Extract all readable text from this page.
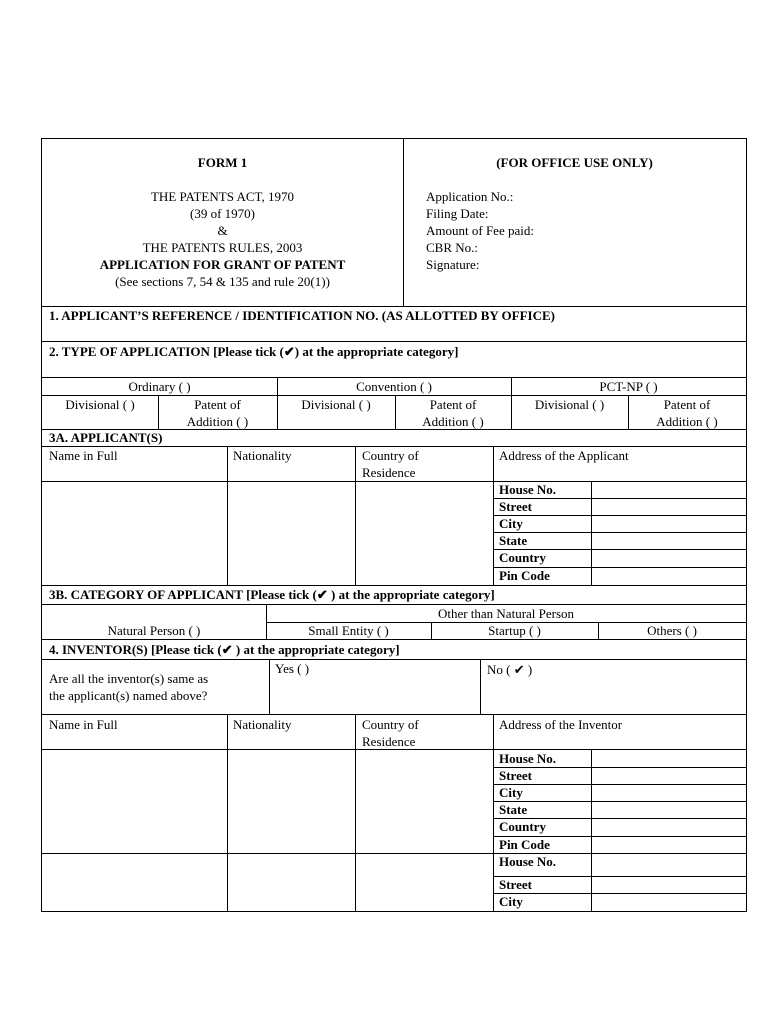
FORM 1
THE PATENTS ACT, 1970
(39 of 1970)
&
THE PATENTS RULES, 2003
APPLICATION FOR GRANT OF PATENT
(See sections 7, 54 & 135 and rule 20(1))
(FOR OFFICE USE ONLY)
Application No.:
Filing Date:
Amount of Fee paid:
CBR No.:
Signature:
1. APPLICANT’S REFERENCE / IDENTIFICATION NO. (AS ALLOTTED BY OFFICE)
2. TYPE OF APPLICATION [Please tick (✔) at the appropriate category]
Ordinary ( )	Convention ( )	PCT-NP ( )
Divisional ( )	Patent of
Addition ( )
Divisional ( )	Patent of
Addition ( )
Divisional ( )	Patent of
Addition ( )
3A. APPLICANT(S)
Name in Full	Nationality	Country of
Residence
Address of the Applicant
House No.
Street
City
State
Country
Pin Code
3B. CATEGORY OF APPLICANT [Please tick (✔ ) at the appropriate category]
Other than Natural Person
Natural Person ( )	Small Entity ( )	Startup ( )	Others ( )
4. INVENTOR(S) [Please tick (✔ ) at the appropriate category]
Are all the inventor(s) same as
the applicant(s) named above?
Yes ( )	No ( ✔ )
Name in Full	Nationality	Country of
Residence
Address of the Inventor
House No.
Street
City
State
Country
Pin Code
House No.
Street
City
